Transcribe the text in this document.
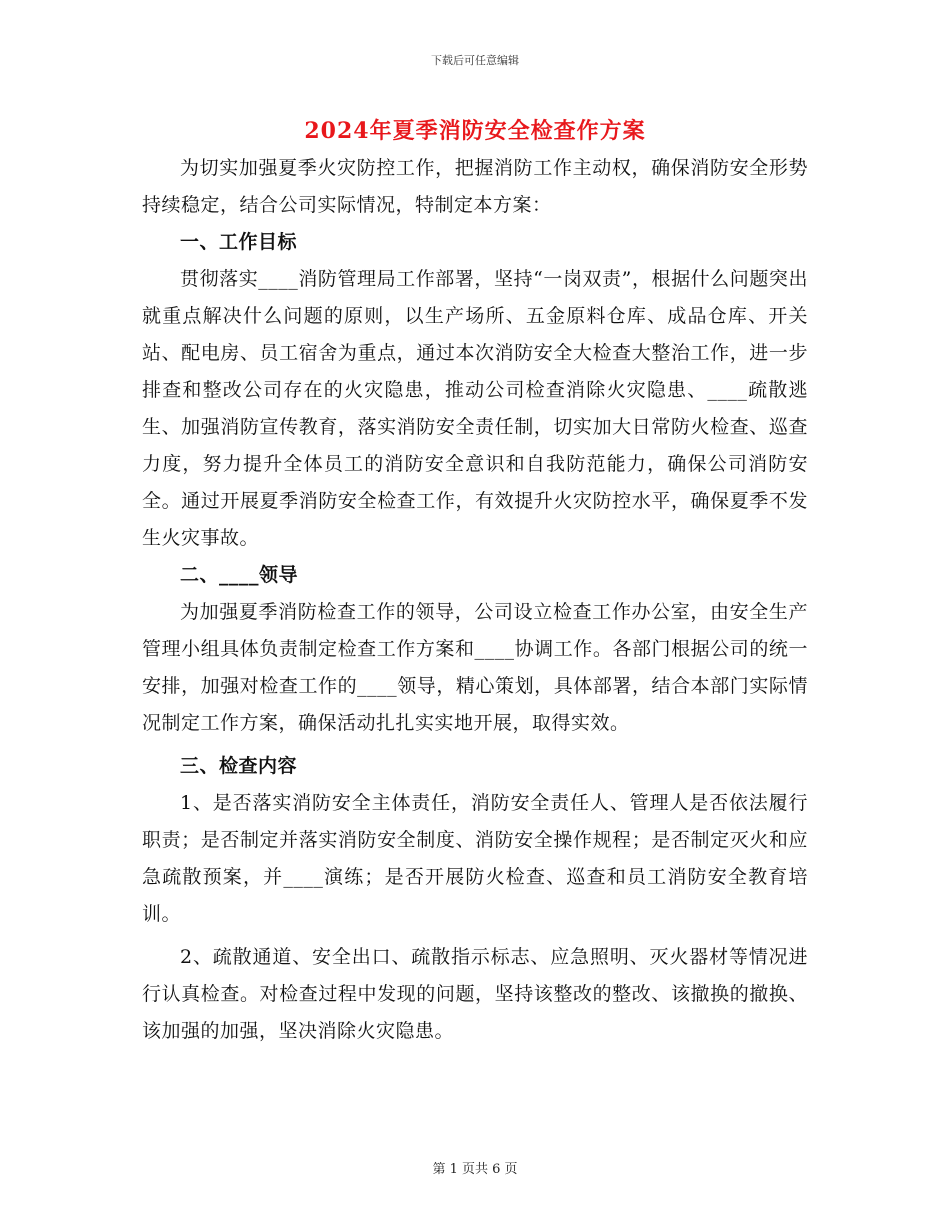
下载后可任意编辑
2024年夏季消防安全检查作方案

为切实加强夏季火灾防控工作，把握消防工作主动权，确保消防安全形势持续稳定，结合公司实际情况，特制定本方案：

一、工作目标

贯彻落实____消防管理局工作部署，坚持“一岗双责”，根据什么问题突出就重点解决什么问题的原则，以生产场所、五金原料仓库、成品仓库、开关站、配电房、员工宿舍为重点，通过本次消防安全大检查大整治工作，进一步排查和整改公司存在的火灾隐患，推动公司检查消除火灾隐患、____疏散逃生、加强消防宣传教育，落实消防安全责任制，切实加大日常防火检查、巡查力度，努力提升全体员工的消防安全意识和自我防范能力，确保公司消防安全。通过开展夏季消防安全检查工作，有效提升火灾防控水平，确保夏季不发生火灾事故。

二、____领导

为加强夏季消防检查工作的领导，公司设立检查工作办公室，由安全生产管理小组具体负责制定检查工作方案和____协调工作。各部门根据公司的统一安排，加强对检查工作的____领导，精心策划，具体部署，结合本部门实际情况制定工作方案，确保活动扎扎实实地开展，取得实效。

三、检查内容

1、是否落实消防安全主体责任，消防安全责任人、管理人是否依法履行职责；是否制定并落实消防安全制度、消防安全操作规程；是否制定灭火和应急疏散预案，并____演练；是否开展防火检查、巡查和员工消防安全教育培训。

2、疏散通道、安全出口、疏散指示标志、应急照明、灭火器材等情况进行认真检查。对检查过程中发现的问题，坚持该整改的整改、该撤换的撤换、该加强的加强，坚决消除火灾隐患。

第 1 页共 6 页
